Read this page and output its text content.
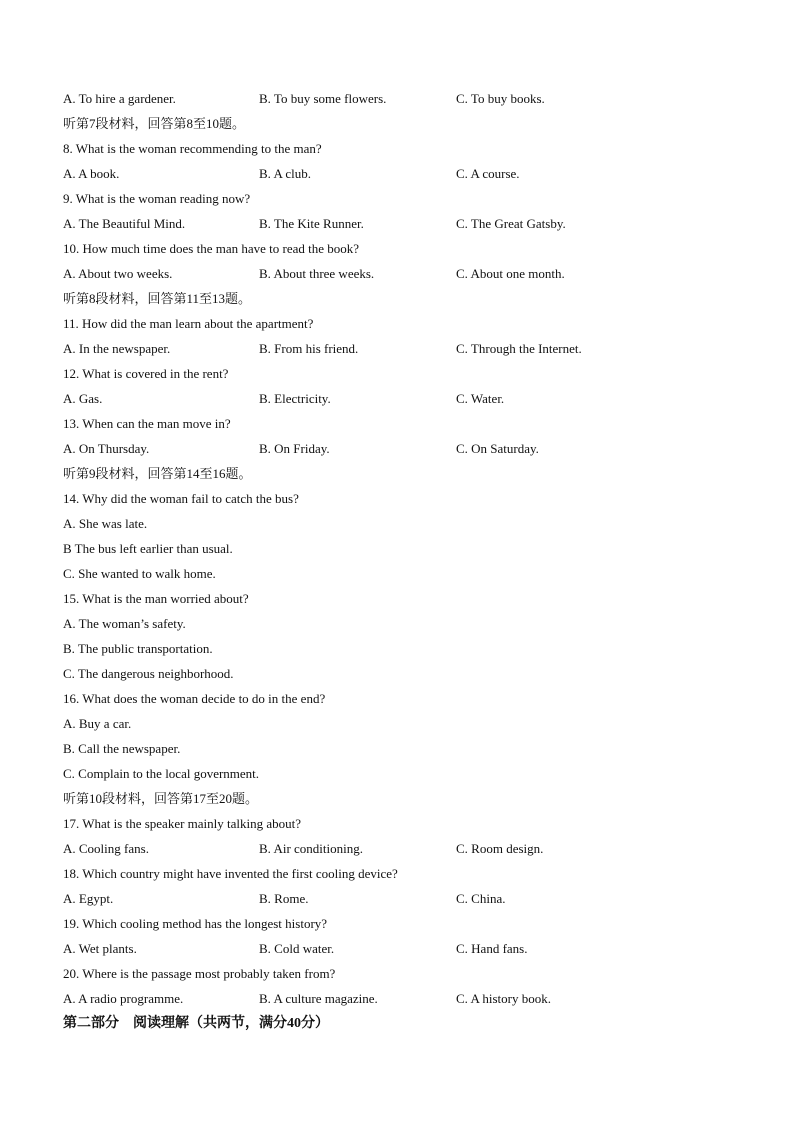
A. To hire a gardener.	B. To buy some flowers.	C. To buy books.
听第7段材料，回答第8至10题。
8. What is the woman recommending to the man?
A. A book.	B. A club.	C. A course.
9. What is the woman reading now?
A. The Beautiful Mind.	B. The Kite Runner.	C. The Great Gatsby.
10. How much time does the man have to read the book?
A. About two weeks.	B. About three weeks.	C. About one month.
听第8段材料，回答第11至13题。
11. How did the man learn about the apartment?
A. In the newspaper.	B. From his friend.	C. Through the Internet.
12. What is covered in the rent?
A. Gas.	B. Electricity.	C. Water.
13. When can the man move in?
A. On Thursday.	B. On Friday.	C. On Saturday.
听第9段材料，回答第14至16题。
14. Why did the woman fail to catch the bus?
A. She was late.
B The bus left earlier than usual.
C. She wanted to walk home.
15. What is the man worried about?
A. The woman’s safety.
B. The public transportation.
C. The dangerous neighborhood.
16. What does the woman decide to do in the end?
A. Buy a car.
B. Call the newspaper.
C. Complain to the local government.
听第10段材料，回答第17至20题。
17. What is the speaker mainly talking about?
A. Cooling fans.	B. Air conditioning.	C. Room design.
18. Which country might have invented the first cooling device?
A. Egypt.	B. Rome.	C. China.
19. Which cooling method has the longest history?
A. Wet plants.	B. Cold water.	C. Hand fans.
20. Where is the passage most probably taken from?
A. A radio programme.	B. A culture magazine.	C. A history book.
第二部分　阅读理解（共两节，满分40分）
